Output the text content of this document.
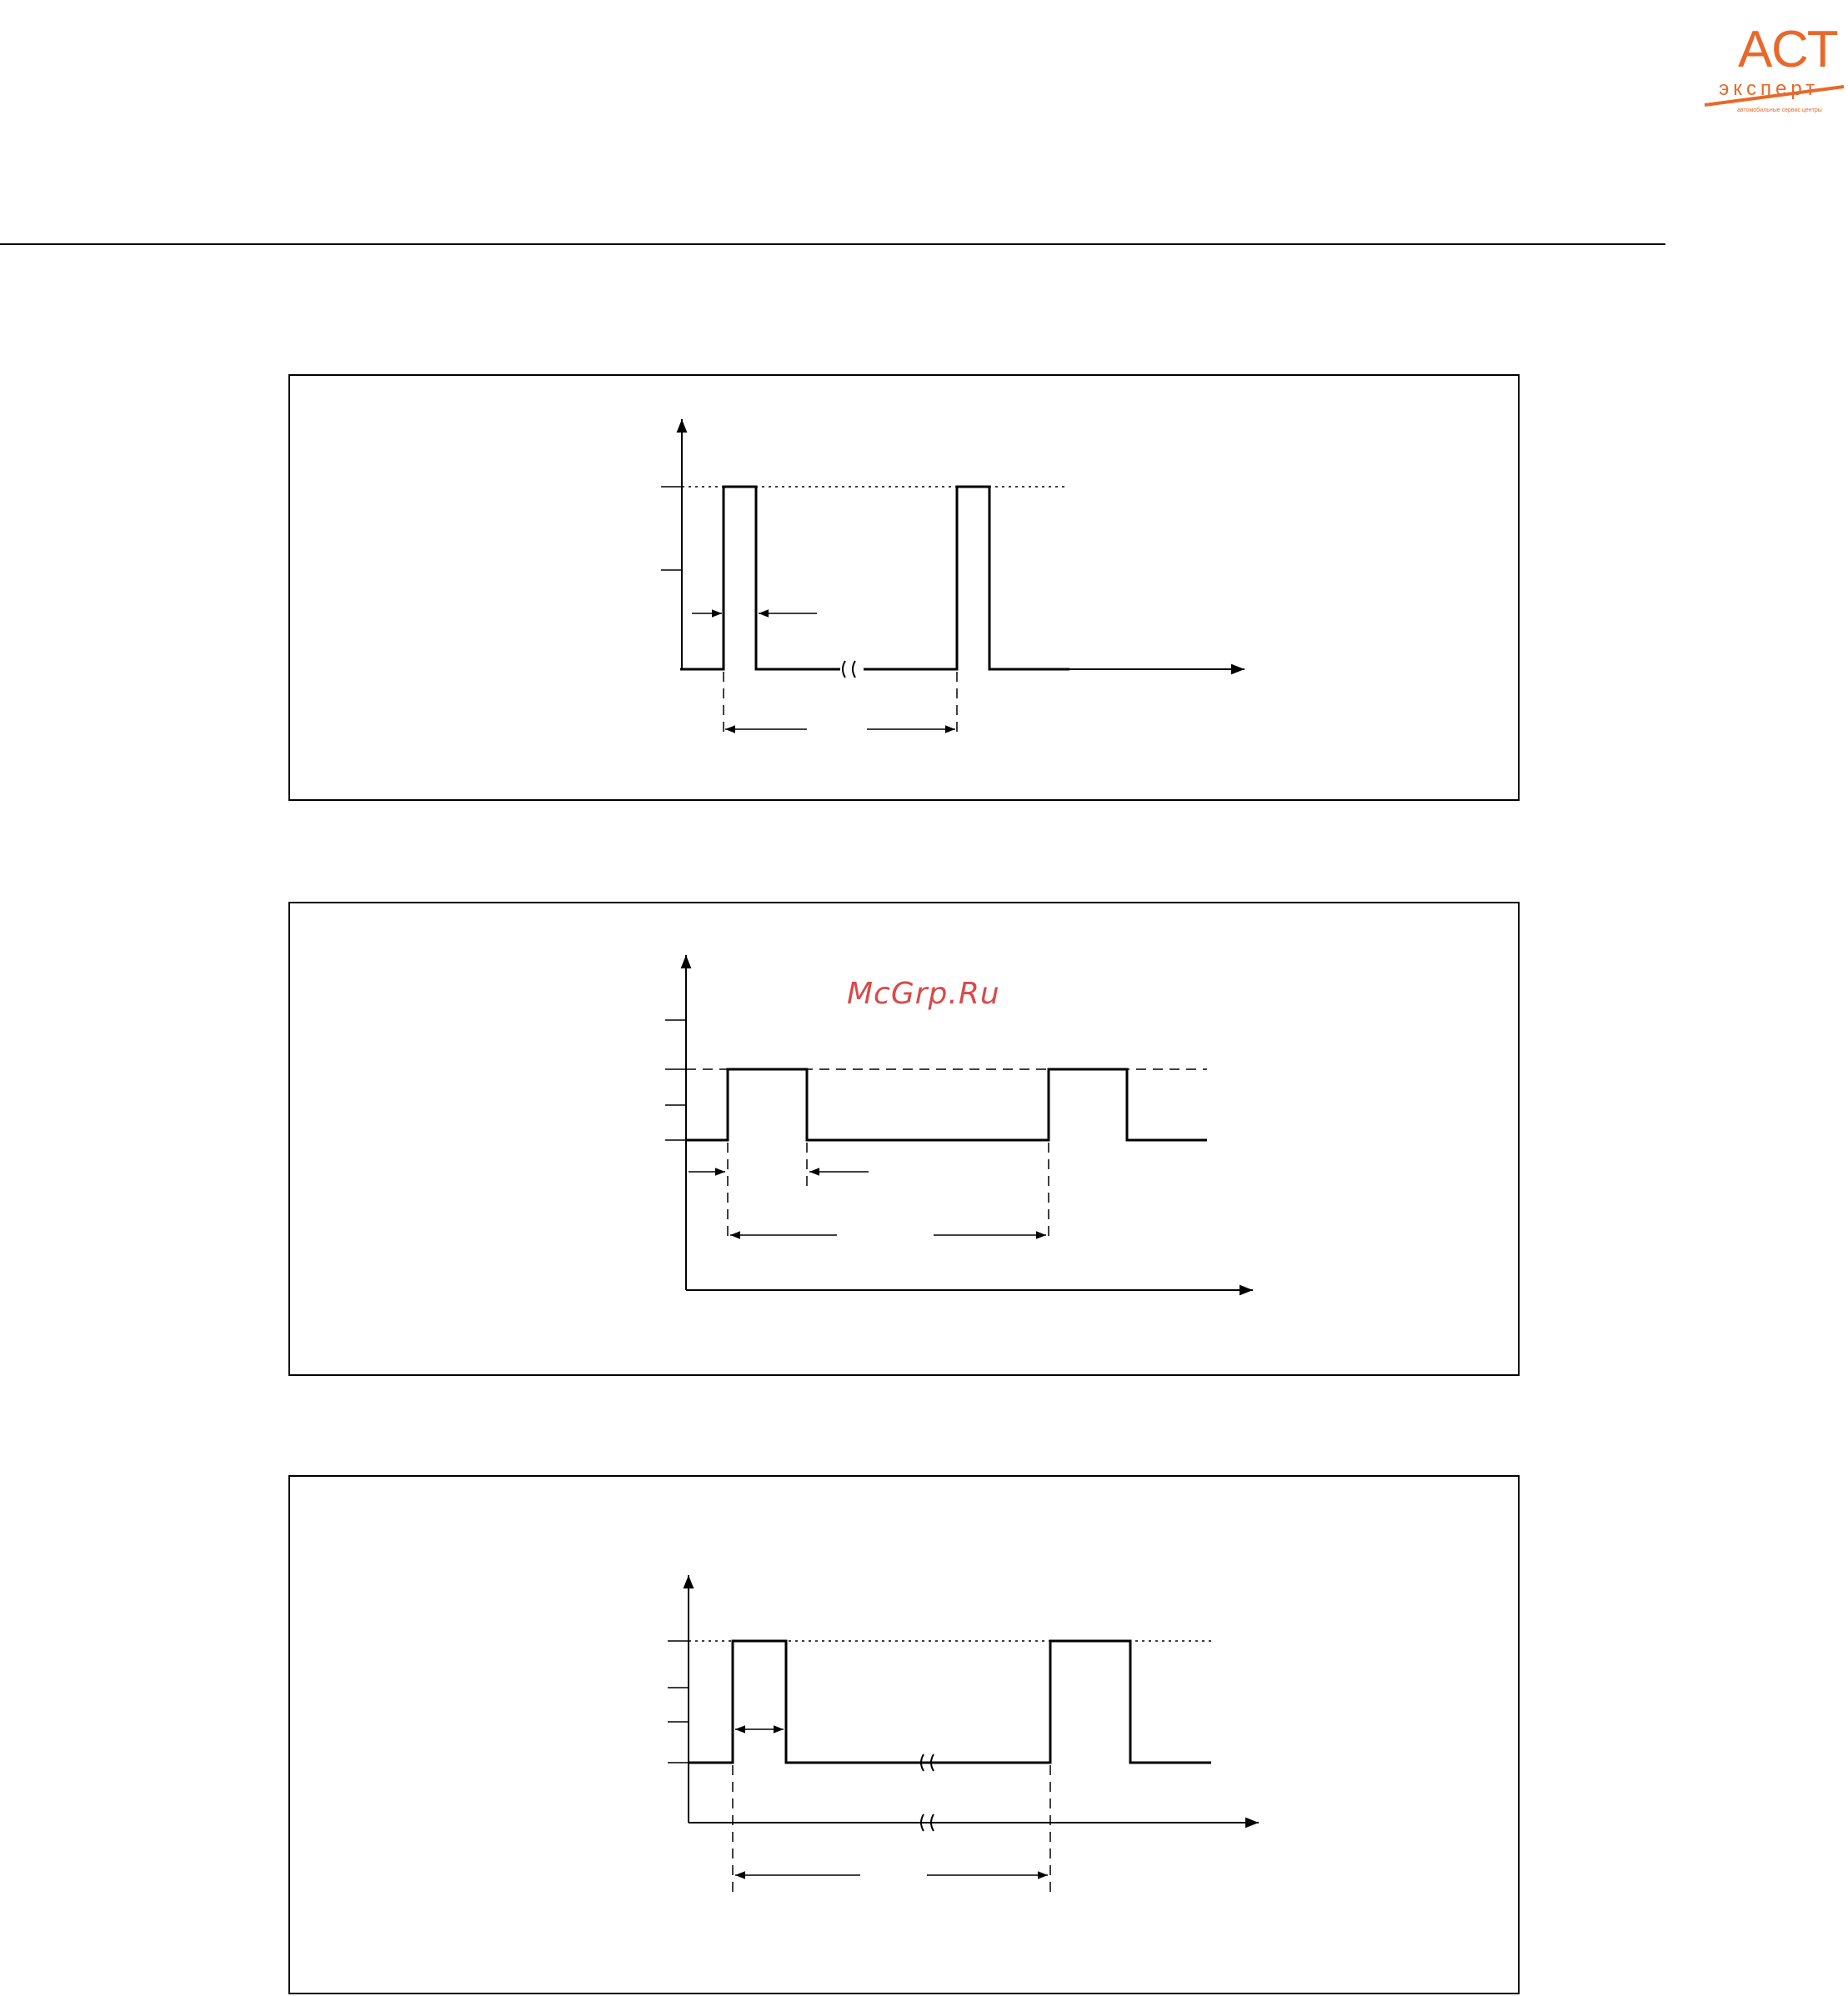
АСТ
эксперт
автомобильные сервис центры
McGrp.Ru
